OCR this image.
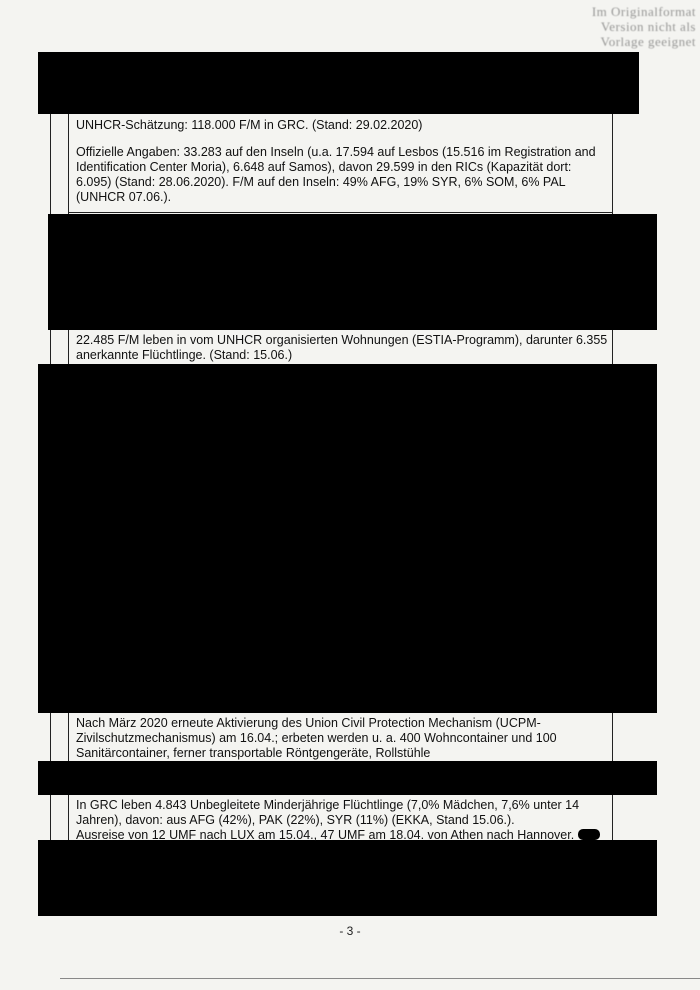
Im Originalformat
Version nicht als
Vorlage geeignet

UNHCR-Schätzung: 118.000 F/M in GRC. (Stand: 29.02.2020)

Offizielle Angaben: 33.283 auf den Inseln (u.a. 17.594 auf Lesbos (15.516 im Registration and Identification Center Moria), 6.648 auf Samos), davon 29.599 in den RICs (Kapazität dort: 6.095) (Stand: 28.06.2020). F/M auf den Inseln: 49% AFG, 19% SYR, 6% SOM, 6% PAL (UNHCR 07.06.).

22.485 F/M leben in vom UNHCR organisierten Wohnungen (ESTIA-Programm), darunter 6.355 anerkannte Flüchtlinge. (Stand: 15.06.)

Nach März 2020 erneute Aktivierung des Union Civil Protection Mechanism (UCPM- Zivilschutzmechanismus) am 16.04.; erbeten werden u. a. 400 Wohncontainer und 100 Sanitärcontainer, ferner transportable Röntgengeräte, Rollstühle

In GRC leben 4.843 Unbegleitete Minderjährige Flüchtlinge (7,0% Mädchen, 7,6% unter 14 Jahren), davon: aus AFG (42%), PAK (22%), SYR (11%) (EKKA, Stand 15.06.).

Ausreise von 12 UMF nach LUX am 15.04., 47 UMF am 18.04. von Athen nach Hannover.

- 3 -
